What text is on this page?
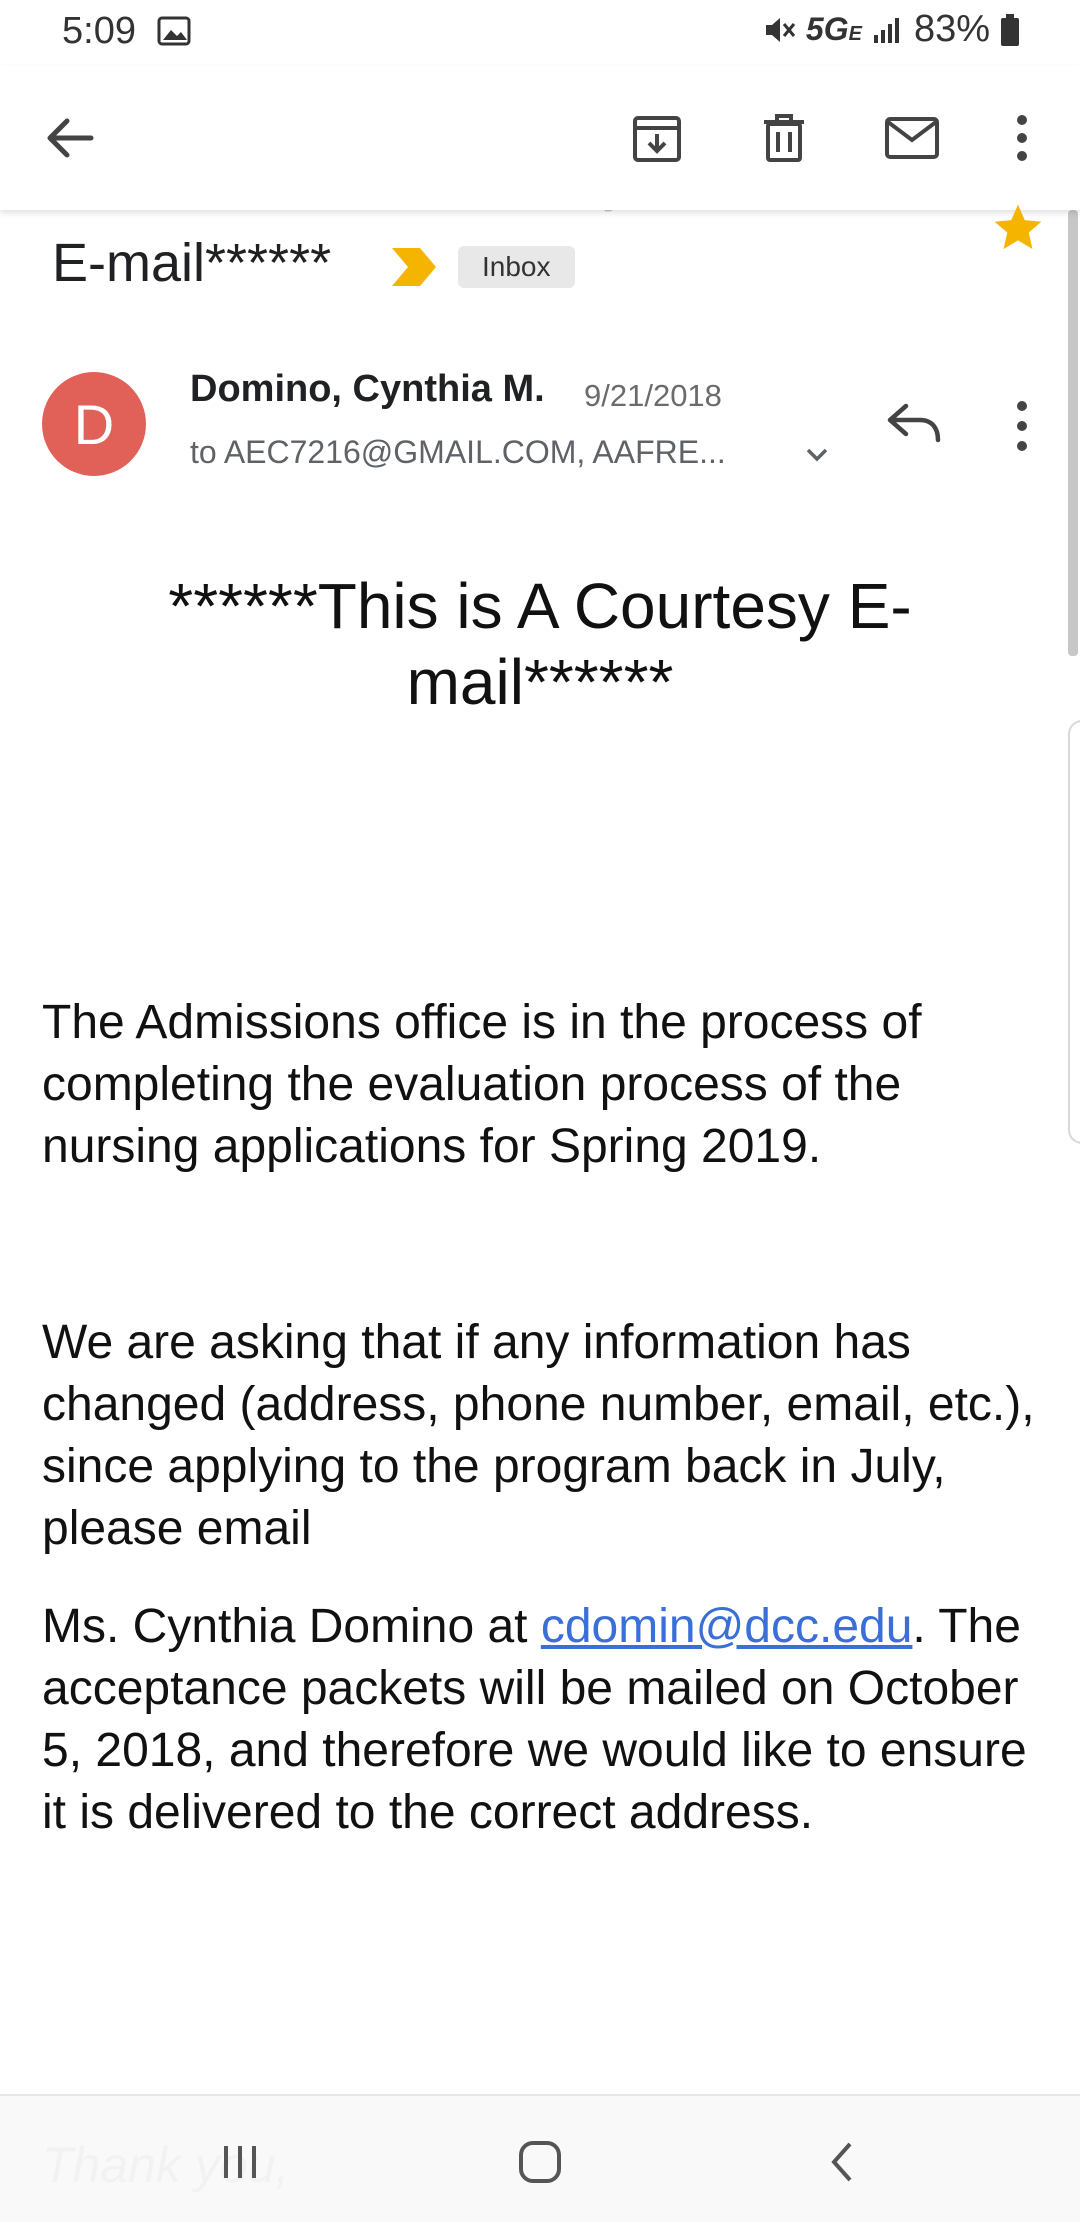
5:09	5GE 83%
E-mail******	Inbox
D
Domino, Cynthia M. 9/21/2018
to AEC7216@GMAIL.COM, AAFRE...
******This is A Courtesy E-mail******
The Admissions office is in the process of completing the evaluation process of the nursing applications for Spring 2019.
We are asking that if any information has changed (address, phone number, email, etc.), since applying to the program back in July, please email
Ms. Cynthia Domino at cdomin@dcc.edu. The acceptance packets will be mailed on October 5, 2018, and therefore we would like to ensure it is delivered to the correct address.
